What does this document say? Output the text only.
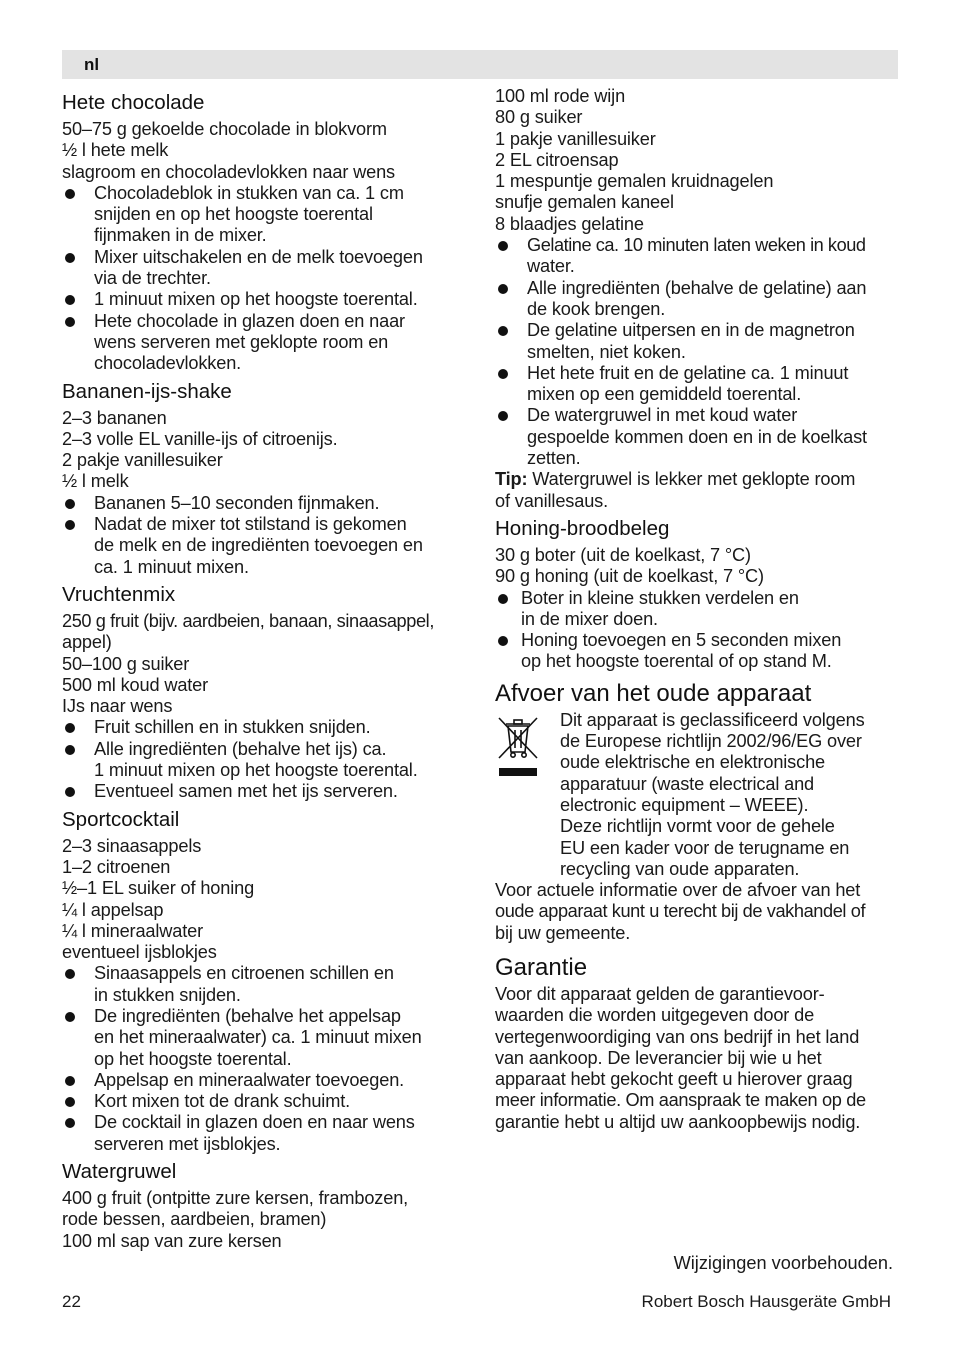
nl
Hete chocolade
50–75 g gekoelde chocolade in blokvorm
½ l hete melk
slagroom en chocoladevlokken naar wens
Chocoladeblok in stukken van ca. 1 cm
snijden en op het hoogste toerental
fijnmaken in de mixer.
Mixer uitschakelen en de melk toevoegen
via de trechter.
1 minuut mixen op het hoogste toerental.
Hete chocolade in glazen doen en naar
wens serveren met geklopte room en
chocoladevlokken.
Bananen-ijs-shake
2–3 bananen
2–3 volle EL vanille-ijs of citroenijs.
2 pakje vanillesuiker
½ l melk
Bananen 5–10 seconden fijnmaken.
Nadat de mixer tot stilstand is gekomen
de melk en de ingrediënten toevoegen en
ca. 1 minuut mixen.
Vruchtenmix
250 g fruit (bijv. aardbeien, banaan, sinaasappel,
appel)
50–100 g suiker
500 ml koud water
IJs naar wens
Fruit schillen en in stukken snijden.
Alle ingrediënten (behalve het ijs) ca.
1 minuut mixen op het hoogste toerental.
Eventueel samen met het ijs serveren.
Sportcocktail
2–3 sinaasappels
1–2 citroenen
½–1 EL suiker of honing
¼ l appelsap
¼ l mineraalwater
eventueel ijsblokjes
Sinaasappels en citroenen schillen en
in stukken snijden.
De ingrediënten (behalve het appelsap
en het mineraalwater) ca. 1 minuut mixen
op het hoogste toerental.
Appelsap en mineraalwater toevoegen.
Kort mixen tot de drank schuimt.
De cocktail in glazen doen en naar wens
serveren met ijsblokjes.
Watergruwel
400 g fruit (ontpitte zure kersen, frambozen,
rode bessen, aardbeien, bramen)
100 ml sap van zure kersen
100 ml rode wijn
80 g suiker
1 pakje vanillesuiker
2 EL citroensap
1 mespuntje gemalen kruidnagelen
snufje gemalen kaneel
8 blaadjes gelatine
Gelatine ca. 10 minuten laten weken in koud
water.
Alle ingrediënten (behalve de gelatine) aan
de kook brengen.
De gelatine uitpersen en in de magnetron
smelten, niet koken.
Het hete fruit en de gelatine ca. 1 minuut
mixen op een gemiddeld toerental.
De watergruwel in met koud water
gespoelde kommen doen en in de koelkast
zetten.

Tip: Watergruwel is lekker met geklopte room
of vanillesaus.

Honing-broodbeleg
30 g boter (uit de koelkast, 7 °C)
90 g honing (uit de koelkast, 7 °C)
Boter in kleine stukken verdelen en
in de mixer doen.
Honing toevoegen en 5 seconden mixen
op het hoogste toerental of op stand M.
Afvoer van het oude apparaat
Dit apparaat is geclassificeerd volgens
de Europese richtlijn 2002/96/EG over
oude elektrische en elektronische
apparatuur (waste electrical and
electronic equipment – WEEE).
Deze richtlijn vormt voor de gehele
EU een kader voor de terugname en
recycling van oude apparaten.

Voor actuele informatie over de afvoer van het
oude apparaat kunt u terecht bij de vakhandel of
bij uw gemeente.

Garantie

Voor dit apparaat gelden de garantievoor-
waarden die worden uitgegeven door de
vertegenwoordiging van ons bedrijf in het land
van aankoop. De leverancier bij wie u het
apparaat hebt gekocht geeft u hierover graag
meer informatie. Om aanspraak te maken op de
garantie hebt u altijd uw aankoopbewijs nodig.

Wijzigingen voorbehouden.
22	Robert Bosch Hausgeräte GmbH
